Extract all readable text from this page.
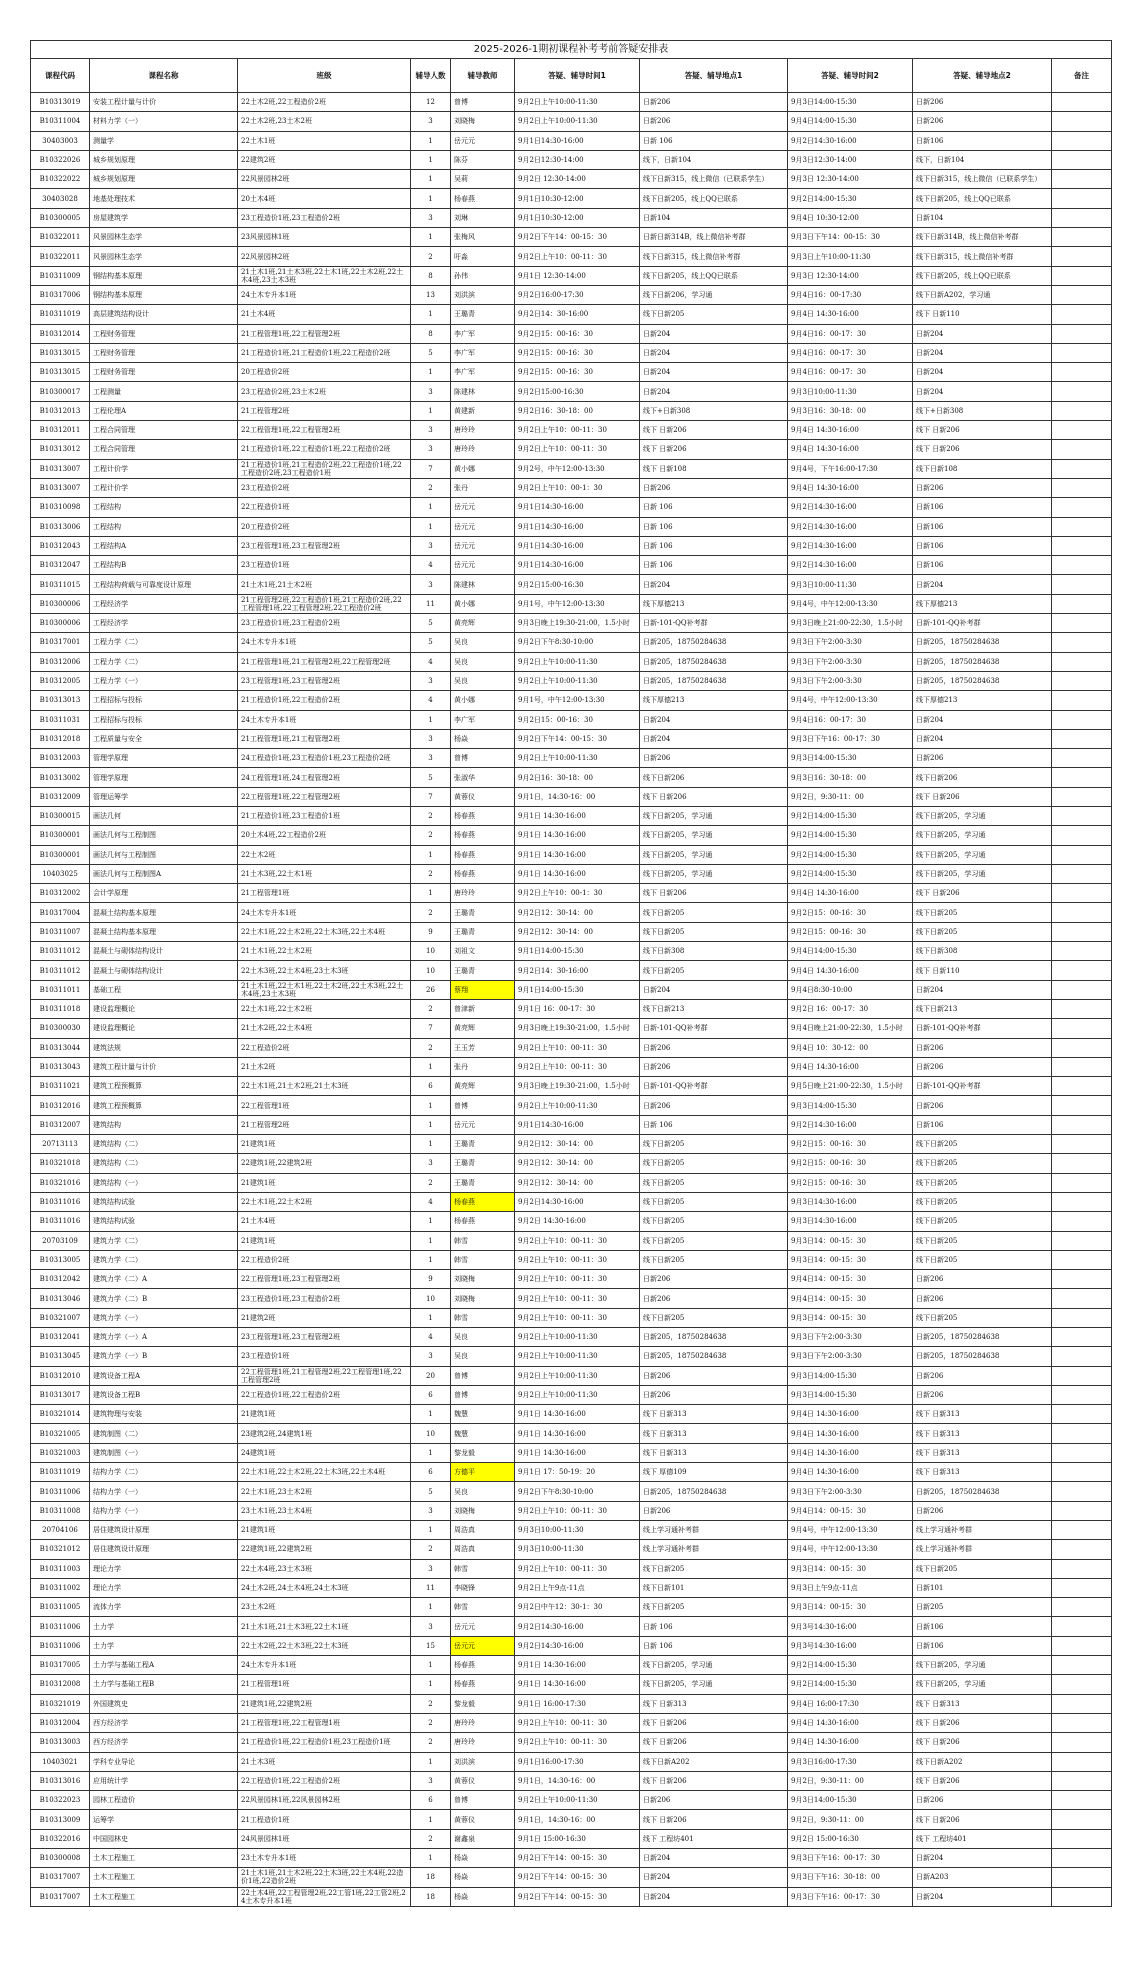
2025-2026-1期初课程补考考前答疑安排表									
课程代码	课程名称	班级	辅导人数	辅导教师	答疑、辅导时间1	答疑、辅导地点1	答疑、辅导时间2	答疑、辅导地点2	备注
B10313019	安装工程计量与计价	22土木2班,22工程造价2班	12	曾博	9月2日上午10:00-11:30	日新206	9月3日14:00-15:30	日新206	
B10311004	材料力学（一）	22土木2班,23土木2班	3	刘晓梅	9月2日上午10:00-11:30	日新206	9月4日14:00-15:30	日新206	
30403003	测量学	22土木1班	1	岳元元	9月1日14:30-16:00	日新 106	9月2日14:30-16:00	日新106	
B10322026	城乡规划原理	22建筑2班	1	陈芬	9月2日12:30-14:00	线下，日新104	9月3日12:30-14:00	线下，日新104	
B10322022	城乡规划原理	22风景园林2班	1	吴莉	9月2日 12:30-14:00	线下日新315，线上微信（已联系学生）	9月3日 12:30-14:00	线下日新315，线上微信（已联系学生）	
30403028	地基处理技术	20土木4班	1	杨春燕	9月1日10:30-12:00	线下日新205，线上QQ已联系	9月2日14:00-15:30	线下日新205，线上QQ已联系	
B10300005	房屋建筑学	23工程造价1班,23工程造价2班	3	刘琳	9月1日10:30-12:00	日新104	9月4日 10:30-12:00	日新104	
B10322011	风景园林生态学	23风景园林1班	1	张梅风	9月2日下午14：00-15：30	日新日新314B，线上微信补考群	9月3日下午14：00-15：30	线下日新314B，线上微信补考群	
B10322011	风景园林生态学	22风景园林2班	2	吁淼	9月2日上午10：00-11：30	线下日新315，线上微信补考群	9月3日上午10:00-11:30	线下日新315，线上微信补考群	
B10311009	钢结构基本原理	21土木1班,21土木3班,22土木1班,22土木2班,22土木4班,23土木3班	8	孙伟	9月1日 12:30-14:00	线下日新205，线上QQ已联系	9月3日 12:30-14:00	线下日新205，线上QQ已联系	
B10317006	钢结构基本原理	24土木专升本1班	13	刘洪滨	9月2日16:00-17:30	线下日新206，学习通	9月4日16：00-17:30	线下日新A202，学习通	
B10311019	高层建筑结构设计	21土木4班	1	王璐青	9月2日14：30-16:00	线下日新205	9月4日 14:30-16:00	线下 日新110	
B10312014	工程财务管理	21工程管理1班,22工程管理2班	8	李广军	9月2日15：00-16：30	日新204	9月4日16：00-17：30	日新204	
B10313015	工程财务管理	21工程造价1班,21工程造价1班,22工程造价2班	5	李广军	9月2日15：00-16：30	日新204	9月4日16：00-17：30	日新204	
B10313015	工程财务管理	20工程造价2班	1	李广军	9月2日15：00-16：30	日新204	9月4日16：00-17：30	日新204	
B10300017	工程测量	23工程造价2班,23土木2班	3	陈建林	9月2日15:00-16:30	日新204	9月3日10:00-11:30	日新204	
B10312013	工程伦理A	21工程管理2班	1	黄建新	9月2日16：30-18：00	线下+日新308	9月3日16：30-18：00	线下+日新308	
B10312011	工程合同管理	22工程管理1班,22工程管理2班	3	唐玲玲	9月2日上午10：00-11：30	线下 日新206	9月4日 14:30-16:00	线下 日新206	
B10313012	工程合同管理	21工程造价1班,22工程造价1班,22工程造价2班	3	唐玲玲	9月2日上午10：00-11：30	线下 日新206	9月4日 14:30-16:00	线下 日新206	
B10313007	工程计价学	21工程造价1班,21工程造价2班,22工程造价1班,22工程造价2班,23工程造价1班	7	黄小娜	9月2号，中午12:00-13:30	线下 日新108	9月4号，下午16:00-17:30	线下日新108	
B10313007	工程计价学	23工程造价2班	2	张丹	9月2日上午10：00-1：30	日新206	9月4日 14:30-16:00	日新206	
B10310098	工程结构	22工程造价1班	1	岳元元	9月1日14:30-16:00	日新 106	9月2日14:30-16:00	日新106	
B10313006	工程结构	20工程造价2班	1	岳元元	9月1日14:30-16:00	日新 106	9月2日14:30-16:00	日新106	
B10312043	工程结构A	23工程管理1班,23工程管理2班	3	岳元元	9月1日14:30-16:00	日新 106	9月2日14:30-16:00	日新106	
B10312047	工程结构B	23工程造价1班	4	岳元元	9月1日14:30-16:00	日新 106	9月2日14:30-16:00	日新106	
B10311015	工程结构荷载与可靠度设计原理	21土木1班,21土木2班	3	陈建林	9月2日15:00-16:30	日新204	9月3日10:00-11:30	日新204	
B10300006	工程经济学	21工程管理2班,22工程造价1班,21工程造价2班,22工程管理1班,22工程管理2班,22工程造价2班	11	黄小娜	9月1号，中午12:00-13:30	线下厚德213	9月4号，中午12:00-13:30	线下厚德213	
B10300006	工程经济学	23工程造价1班,23工程造价2班	5	黄亮辉	9月3日晚上19:30-21:00，1.5小时	日新-101-QQ补考群	9月3日晚上21:00-22:30，1.5小时	日新-101-QQ补考群	
B10317001	工程力学（二）	24土木专升本1班	5	吴良	9月2日下午8:30-10:00	日新205，18750284638	9月3日下午2:00-3:30	日新205，18750284638	
B10312006	工程力学（二）	21工程管理1班,21工程管理2班,22工程管理2班	4	吴良	9月2日上午10:00-11:30	日新205，18750284638	9月3日下午2:00-3:30	日新205，18750284638	
B10312005	工程力学（一）	23工程管理1班,23工程管理2班	3	吴良	9月2日上午10:00-11:30	日新205，18750284638	9月3日下午2:00-3:30	日新205，18750284638	
B10313013	工程招标与投标	21工程造价1班,22工程造价2班	4	黄小娜	9月1号，中午12:00-13:30	线下厚德213	9月4号，中午12:00-13:30	线下厚德213	
B10311031	工程招标与投标	24土木专升本1班	1	李广军	9月2日15：00-16：30	日新204	9月4日16：00-17：30	日新204	
B10312018	工程质量与安全	21工程管理1班,21工程管理2班	3	杨焱	9月2日下午14：00-15：30	日新204	9月3日下午16：00-17：30	日新204	
B10312003	管理学原理	24工程造价1班,23工程造价1班,23工程造价2班	3	曾博	9月2日上午10:00-11:30	日新206	9月3日14:00-15:30	日新206	
B10313002	管理学原理	24工程管理1班,24工程管理2班	5	张淑华	9月2日16：30-18：00	线下日新206	9月3日16：30-18：00	线下日新206	
B10312009	管理运筹学	22工程管理1班,22工程管理2班	7	黄蓉仪	9月1日，14:30-16：00	线下 日新206	9月2日，9:30-11：00	线下 日新206	
B10300015	画法几何	21工程造价1班,23工程造价1班	2	杨春燕	9月1日 14:30-16:00	线下日新205，学习通	9月2日14:00-15:30	线下日新205，学习通	
B10300001	画法几何与工程制图	20土木4班,22工程造价2班	2	杨春燕	9月1日 14:30-16:00	线下日新205，学习通	9月2日14:00-15:30	线下日新205，学习通	
B10300001	画法几何与工程制图	22土木2班	1	杨春燕	9月1日 14:30-16:00	线下日新205，学习通	9月2日14:00-15:30	线下日新205，学习通	
10403025	画法几何与工程制图A	21土木3班,22土木1班	2	杨春燕	9月1日 14:30-16:00	线下日新205，学习通	9月2日14:00-15:30	线下日新205，学习通	
B10312002	会计学原理	21工程管理1班	1	唐玲玲	9月2日上午10：00-1：30	线下 日新206	9月4日 14:30-16:00	线下 日新206	
B10317004	混凝土结构基本原理	24土木专升本1班	2	王璐青	9月2日12：30-14：00	线下日新205	9月2日15：00-16：30	线下日新205	
B10311007	混凝土结构基本原理	22土木1班,22土木2班,22土木3班,22土木4班	9	王璐青	9月2日12：30-14：00	线下日新205	9月2日15：00-16：30	线下日新205	
B10311012	混凝土与砌体结构设计	21土木1班,22土木2班	10	刘祖文	9月1日14:00-15:30	线下日新308	9月4日14:00-15:30	线下日新308	
B10311012	混凝土与砌体结构设计	22土木3班,22土木4班,23土木3班	10	王璐青	9月2日14：30-16:00	线下日新205	9月4日 14:30-16:00	线下 日新110	
B10311011	基础工程	21土木1班,22土木1班,22土木2班,22土木3班,22土木4班,23土木3班	26	蔡翔	9月1日14:00-15:30	日新204	9月4日8:30-10:00	日新204	
B10311018	建设监理概论	22土木1班,22土木2班	2	曾津新	9月1日 16：00-17：30	线下日新213	9月2日 16：00-17：30	线下日新213	
B10300030	建设监理概论	21土木2班,22土木4班	7	黄亮辉	9月3日晚上19:30-21:00，1.5小时	日新-101-QQ补考群	9月4日晚上21:00-22:30，1.5小时	日新-101-QQ补考群	
B10313044	建筑法规	22工程造价2班	2	王玉芳	9月2日上午10：00-11：30	日新206	9月4日 10：30-12：00	日新206	
B10313043	建筑工程计量与计价	21土木2班	1	张丹	9月2日上午10：00-11：30	日新206	9月4日 14:30-16:00	日新206	
B10311021	建筑工程预概算	22土木1班,21土木2班,21土木3班	6	黄亮辉	9月3日晚上19:30-21:00，1.5小时	日新-101-QQ补考群	9月5日晚上21:00-22:30，1.5小时	日新-101-QQ补考群	
B10312016	建筑工程预概算	22工程管理1班	1	曾博	9月2日上午10:00-11:30	日新206	9月3日14:00-15:30	日新206	
B10312007	建筑结构	21工程管理2班	1	岳元元	9月1日14:30-16:00	日新 106	9月2日14:30-16:00	日新106	
20713113	建筑结构（二）	21建筑1班	1	王璐青	9月2日12：30-14：00	线下日新205	9月2日15：00-16：30	线下日新205	
B10321018	建筑结构（二）	22建筑1班,22建筑2班	3	王璐青	9月2日12：30-14：00	线下日新205	9月2日15：00-16：30	线下日新205	
B10321016	建筑结构（一）	21建筑1班	2	王璐青	9月2日12：30-14：00	线下日新205	9月2日15：00-16：30	线下日新205	
B10311016	建筑结构试验	22土木1班,22土木2班	4	杨春燕	9月2日14:30-16:00	线下日新205	9月3日14:30-16:00	线下日新205	
B10311016	建筑结构试验	21土木4班	1	杨春燕	9月2日 14:30-16:00	线下日新205	9月3日14:30-16:00	线下日新205	
20703109	建筑力学（二）	21建筑1班	1	韩雪	9月2日上午10：00-11：30	线下日新205	9月3日14：00-15：30	线下日新205	
B10313005	建筑力学（二）	22工程造价2班	1	韩雪	9月2日上午10：00-11：30	线下日新205	9月3日14：00-15：30	线下日新205	
B10312042	建筑力学（二）A	22工程管理1班,23工程管理2班	9	刘晓梅	9月2日上午10：00-11：30	日新206	9月4日14：00-15：30	日新206	
B10313046	建筑力学（二）B	23工程造价1班,23工程造价2班	10	刘晓梅	9月2日上午10：00-11：30	日新206	9月4日14：00-15：30	日新206	
B10321007	建筑力学（一）	21建筑2班	1	韩雪	9月2日上午10：00-11：30	线下日新205	9月3日14：00-15：30	线下日新205	
B10312041	建筑力学（一）A	23工程管理1班,23工程管理2班	4	吴良	9月2日上午10:00-11:30	日新205，18750284638	9月3日下午2:00-3:30	日新205，18750284638	
B10313045	建筑力学（一）B	23工程造价1班	3	吴良	9月2日上午10:00-11:30	日新205，18750284638	9月3日下午2:00-3:30	日新205，18750284638	
B10312010	建筑设备工程A	22工程管理1班,21工程管理2班,22工程管理1班,22工程管理2班	20	曾博	9月2日上午10:00-11:30	日新206	9月3日14:00-15:30	日新206	
B10313017	建筑设备工程B	22工程造价1班,22工程造价2班	6	曾博	9月2日上午10:00-11:30	日新206	9月3日14:00-15:30	日新206	
B10321014	建筑物理与安装	21建筑1班	1	魏慧	9月1日 14:30-16:00	线下 日新313	9月4日 14:30-16:00	线下 日新313	
B10321005	建筑制图（二）	23建筑2班,24建筑1班	10	魏慧	9月1日 14:30-16:00	线下 日新313	9月4日 14:30-16:00	线下 日新313	
B10321003	建筑制图（一）	24建筑1班	1	黎龙毅	9月1日 14:30-16:00	线下 日新313	9月4日 14:30-16:00	线下 日新313	
B10311019	结构力学（二）	22土木1班,22土木2班,22土木3班,22土木4班	6	方德平	9月1日 17：50-19：20	线下 厚德109	9月4日 14:30-16:00	线下 日新313	
B10311006	结构力学（一）	22土木1班,23土木2班	5	吴良	9月2日下午8:30-10:00	日新205，18750284638	9月3日下午2:00-3:30	日新205，18750284638	
B10311008	结构力学（一）	23土木1班,23土木4班	3	刘晓梅	9月2日上午10：00-11：30	日新206	9月4日14：00-15：30	日新206	
20704106	居住建筑设计原理	21建筑1班	1	周浩真	9月3日10:00-11:30	线上学习通补考群	9月4号，中午12:00-13:30	线上学习通补考群	
B10321012	居住建筑设计原理	22建筑1班,22建筑2班	2	周浩真	9月3日10:00-11:30	线上学习通补考群	9月4号，中午12:00-13:30	线上学习通补考群	
B10311003	理论力学	22土木4班,23土木3班	3	韩雪	9月2日上午10：00-11：30	线下日新205	9月3日14：00-15：30	线下日新205	
B10311002	理论力学	24土木2班,24土木4班,24土木3班	11	李晓锋	9月2日上午9点-11点	线下日新101	9月3日上午9点-11点	日新101	
B10311005	流体力学	23土木2班	1	韩雪	9月2日中午12：30-1：30	线下日新205	9月3日14：00-15：30	日新205	
B10311006	土力学	21土木1班,21土木3班,22土木1班	3	岳元元	9月2日14:30-16:00	日新 106	9月3号14:30-16:00	日新106	
B10311006	土力学	22土木2班,22土木3班,22土木3班	15	岳元元	9月2日14:30-16:00	日新 106	9月3号14:30-16:00	日新106	
B10317005	土力学与基础工程A	24土木专升本1班	1	杨春燕	9月1日 14:30-16:00	线下日新205，学习通	9月2日14:00-15:30	线下日新205，学习通	
B10312008	土力学与基础工程B	21工程管理1班	1	杨春燕	9月1日 14:30-16:00	线下日新205，学习通	9月2日14:00-15:30	线下日新205，学习通	
B10321019	外国建筑史	21建筑1班,22建筑2班	2	黎龙毅	9月1日 16:00-17:30	线下 日新313	9月4日 16:00-17:30	线下 日新313	
B10312004	西方经济学	21工程管理1班,22工程管理1班	2	唐玲玲	9月2日上午10：00-11：30	线下 日新206	9月4日 14:30-16:00	线下 日新206	
B10313003	西方经济学	21工程造价1班,22工程造价1班,23工程造价1班	2	唐玲玲	9月2日上午10：00-11：30	线下 日新206	9月4日 14:30-16:00	线下 日新206	
10403021	学科专业导论	21土木3班	1	刘洪滨	9月1日16:00-17:30	线下日新A202	9月3日16:00-17:30	线下日新A202	
B10313016	应用统计学	22工程造价1班,22工程造价2班	3	黄蓉仪	9月1日，14:30-16：00	线下 日新206	9月2日，9:30-11：00	线下 日新206	
B10322023	园林工程造价	22风景园林1班,22风景园林2班	6	曾博	9月2日上午10:00-11:30	日新206	9月3日14:00-15:30	日新206	
B10313009	运筹学	21工程造价1班	1	黄蓉仪	9月1日，14:30-16：00	线下 日新206	9月2日，9:30-11：00	线下 日新206	
B10322016	中国园林史	24风景园林1班	2	谢鑫泉	9月1日 15:00-16:30	线下 工程坊401	9月2日 15:00-16:30	线下 工程坊401	
B10300008	土木工程施工	23土木专升本1班	1	杨焱	9月2日下午14：00-15：30	日新204	9月3日下午16：00-17：30	日新204	
B10317007	土木工程施工	21土木1班,21土木2班,22土木3班,22土木4班,22造价1班,22造价2班	18	杨焱	9月2日下午14：00-15：30	日新204	9月3日下午16：30-18：00	日新A203	
B10317007	土木工程施工	22土木4班,22工程管理2班,22工管1班,22工管2班,24土木专升本1班	18	杨焱	9月2日下午14：00-15：30	日新204	9月3日下午16：00-17：30	日新204	
